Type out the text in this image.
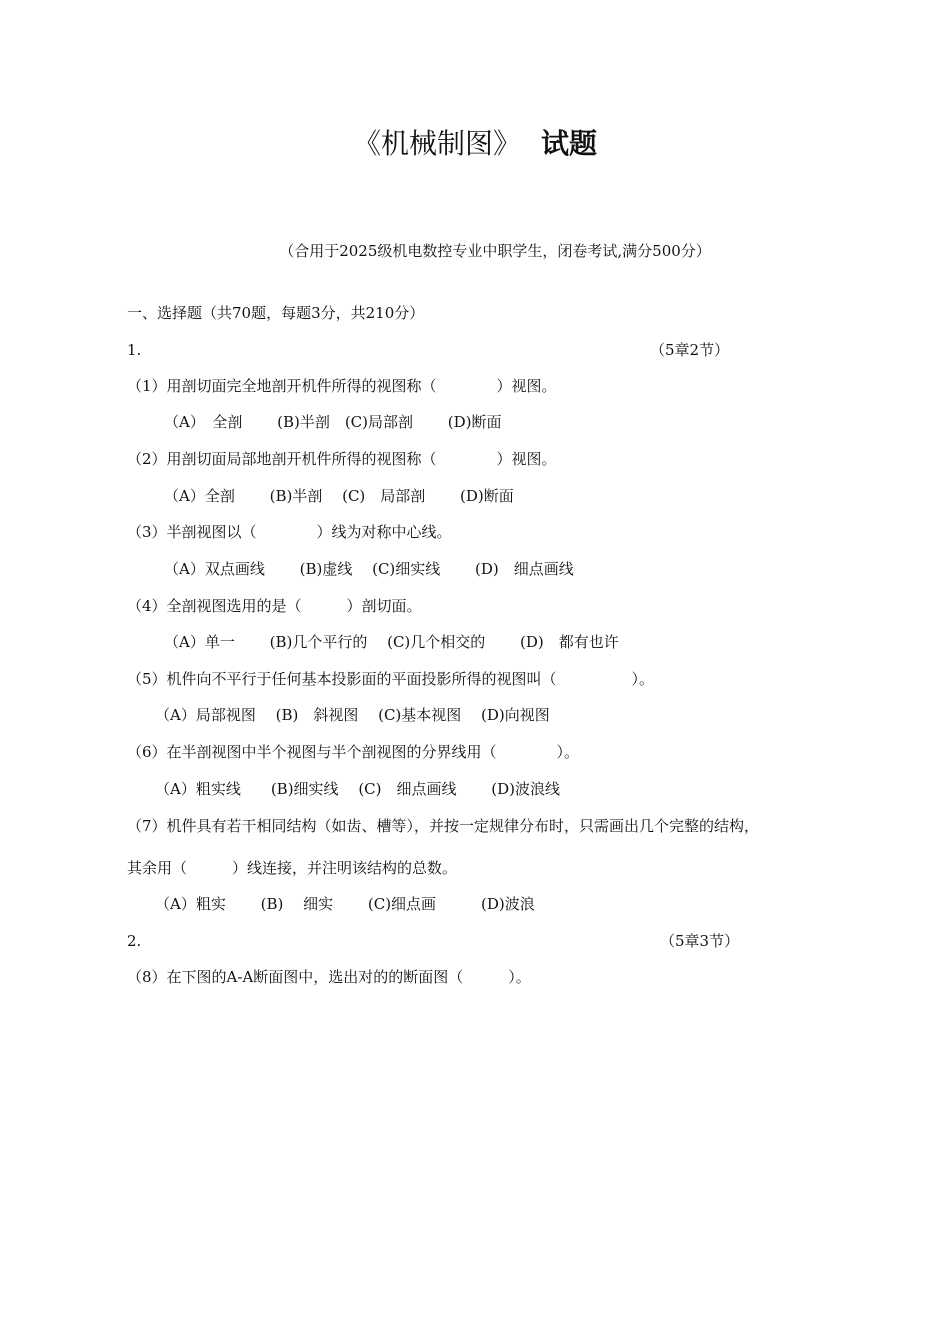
《机械制图》 试题
（合用于2025级机电数控专业中职学生，闭卷考试,满分500分）
一、选择题（共70题，每题3分，共210分）
1.	（5章2节）
（1）用剖切面完全地剖开机件所得的视图称（　　　　）视图。
（A）　全剖　　 (B)半剖　(C)局部剖　　 (D)断面
（2）用剖切面局部地剖开机件所得的视图称（　　　　）视图。
（A）全剖　　 (B)半剖　 (C)　局部剖　　 (D)断面
（3）半剖视图以（　　　　）线为对称中心线。
（A）双点画线　　 (B)虚线　 (C)细实线　　 (D)　细点画线
（4）全剖视图选用的是（　　　）剖切面。
（A）单一　　 (B)几个平行的　 (C)几个相交的　　 (D)　都有也许
（5）机件向不平行于任何基本投影面的平面投影所得的视图叫（　　　　　）。
（A）局部视图　 (B)　斜视图　 (C)基本视图　 (D)向视图
（6）在半剖视图中半个视图与半个剖视图的分界线用（　　　　）。
（A）粗实线　　(B)细实线　 (C)　细点画线　　 (D)波浪线
（7）机件具有若干相同结构（如齿、槽等），并按一定规律分布时，只需画出几个完整的结构，
其余用（　　　）线连接，并注明该结构的总数。
（A）粗实　　 (B)　 细实　　 (C)细点画　　　(D)波浪
2.	（5章3节）
（8）在下图的A-A断面图中，选出对的的断面图（　　　）。
